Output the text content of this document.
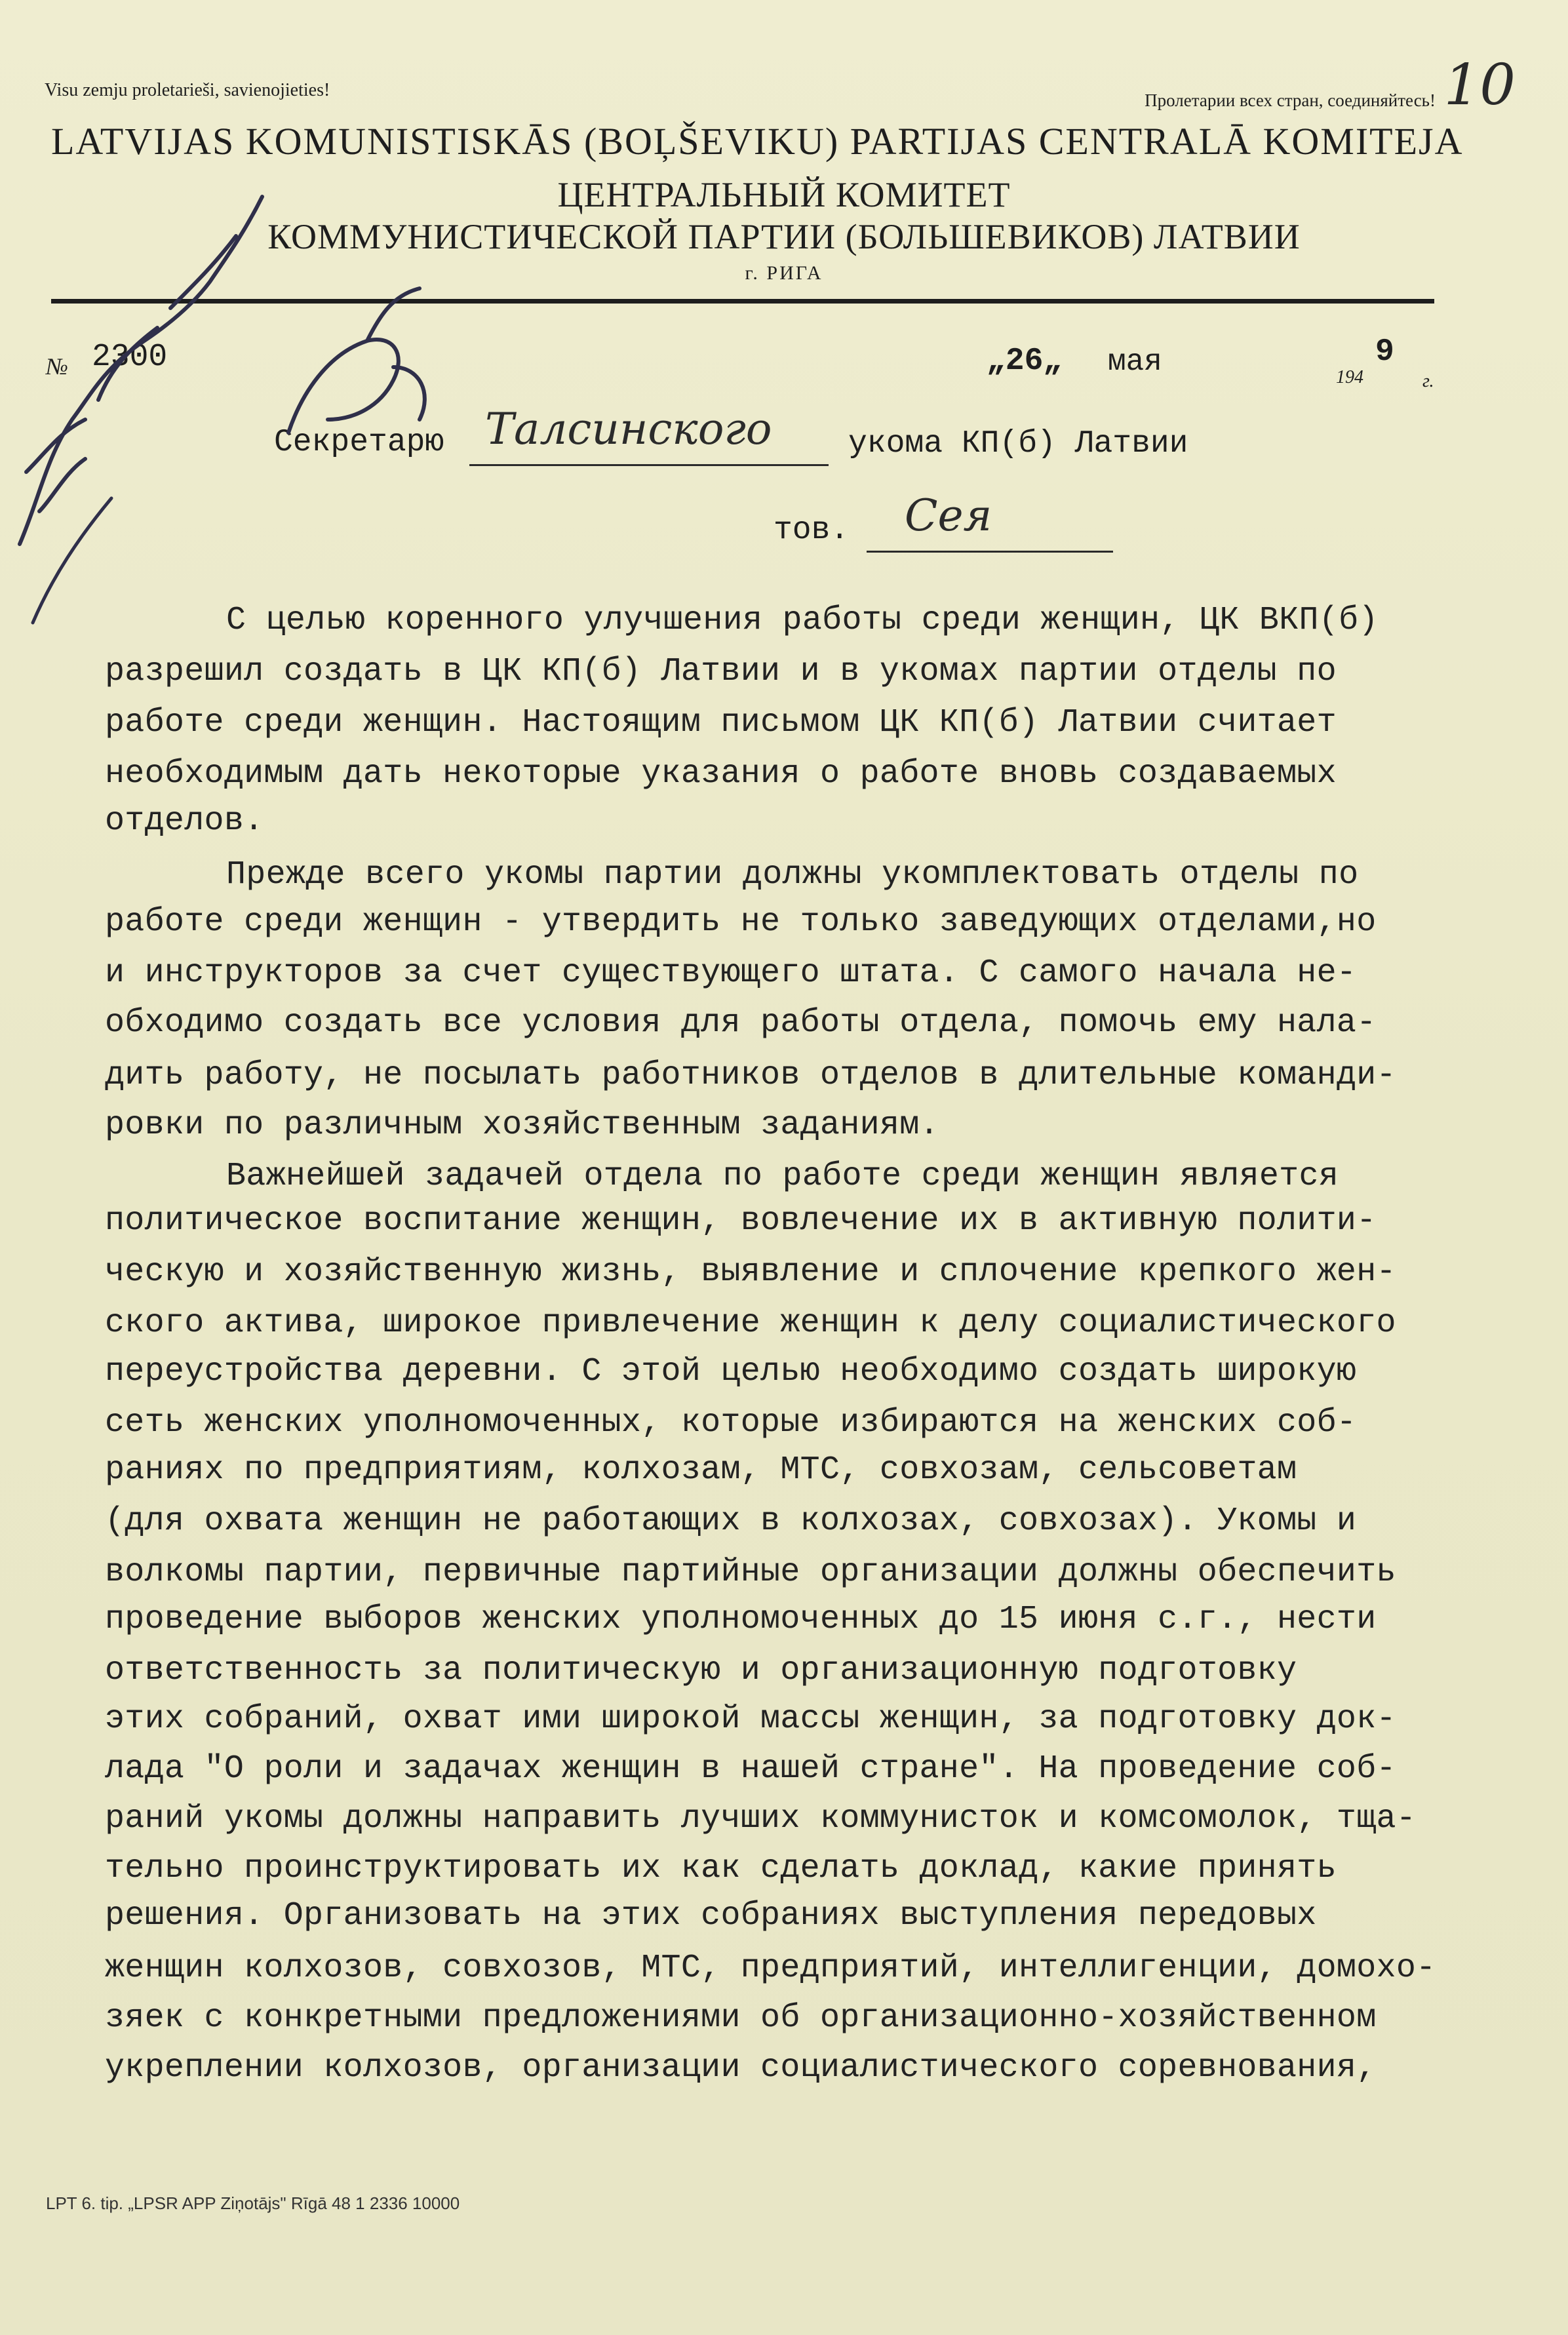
Visu zemju proletarieši, savienojieties!	Пролетарии всех стран, соединяйтесь! 10
LATVIJAS KOMUNISTISKĀS (BOĻŠEVIKU) PARTIJAS CENTRALĀ KOMITEJA
ЦЕНТРАЛЬНЫЙ КОМИТЕТ
КОММУНИСТИЧЕСКОЙ ПАРТИИ (БОЛЬШЕВИКОВ) ЛАТВИИ
г. РИГА
№ 2300	„26„ мая	194
9
г.
Секретарю Талсинского укома КП(б) Латвии
тов. Сея
С целью коренного улучшения работы среди женщин, ЦК ВКП(б)
разрешил создать в ЦК КП(б) Латвии и в укомах партии отделы по
работе среди женщин. Настоящим письмом ЦК КП(б) Латвии считает
необходимым дать некоторые указания о работе вновь создаваемых
отделов.
Прежде всего укомы партии должны укомплектовать отделы по
работе среди женщин - утвердить не только заведующих отделами,но
и инструкторов за счет существующего штата. С самого начала не-
обходимо создать все условия для работы отдела, помочь ему нала-
дить работу, не посылать работников отделов в длительные команди-
ровки по различным хозяйственным заданиям.
Важнейшей задачей отдела по работе среди женщин является
политическое воспитание женщин, вовлечение их в активную полити-
ческую и хозяйственную жизнь, выявление и сплочение крепкого жен-
ского актива, широкое привлечение женщин к делу социалистического
переустройства деревни. С этой целью необходимо создать широкую
сеть женских уполномоченных, которые избираются на женских соб-
раниях по предприятиям, колхозам, МТС, совхозам, сельсоветам
(для охвата женщин не работающих в колхозах, совхозах). Укомы и
волкомы партии, первичные партийные организации должны обеспечить
проведение выборов женских уполномоченных до 15 июня с.г., нести
ответственность за политическую и организационную подготовку
этих собраний, охват ими широкой массы женщин, за подготовку док-
лада "О роли и задачах женщин в нашей стране". На проведение соб-
раний укомы должны направить лучших коммунисток и комсомолок, тща-
тельно проинструктировать их как сделать доклад, какие принять
решения. Организовать на этих собраниях выступления передовых
женщин колхозов, совхозов, МТС, предприятий, интеллигенции, домохо-
зяек с конкретными предложениями об организационно-хозяйственном
укреплении колхозов, организации социалистического соревнования,
LPT 6. tip. „LPSR APP Ziņotājs" Rīgā 48 1 2336 10000
